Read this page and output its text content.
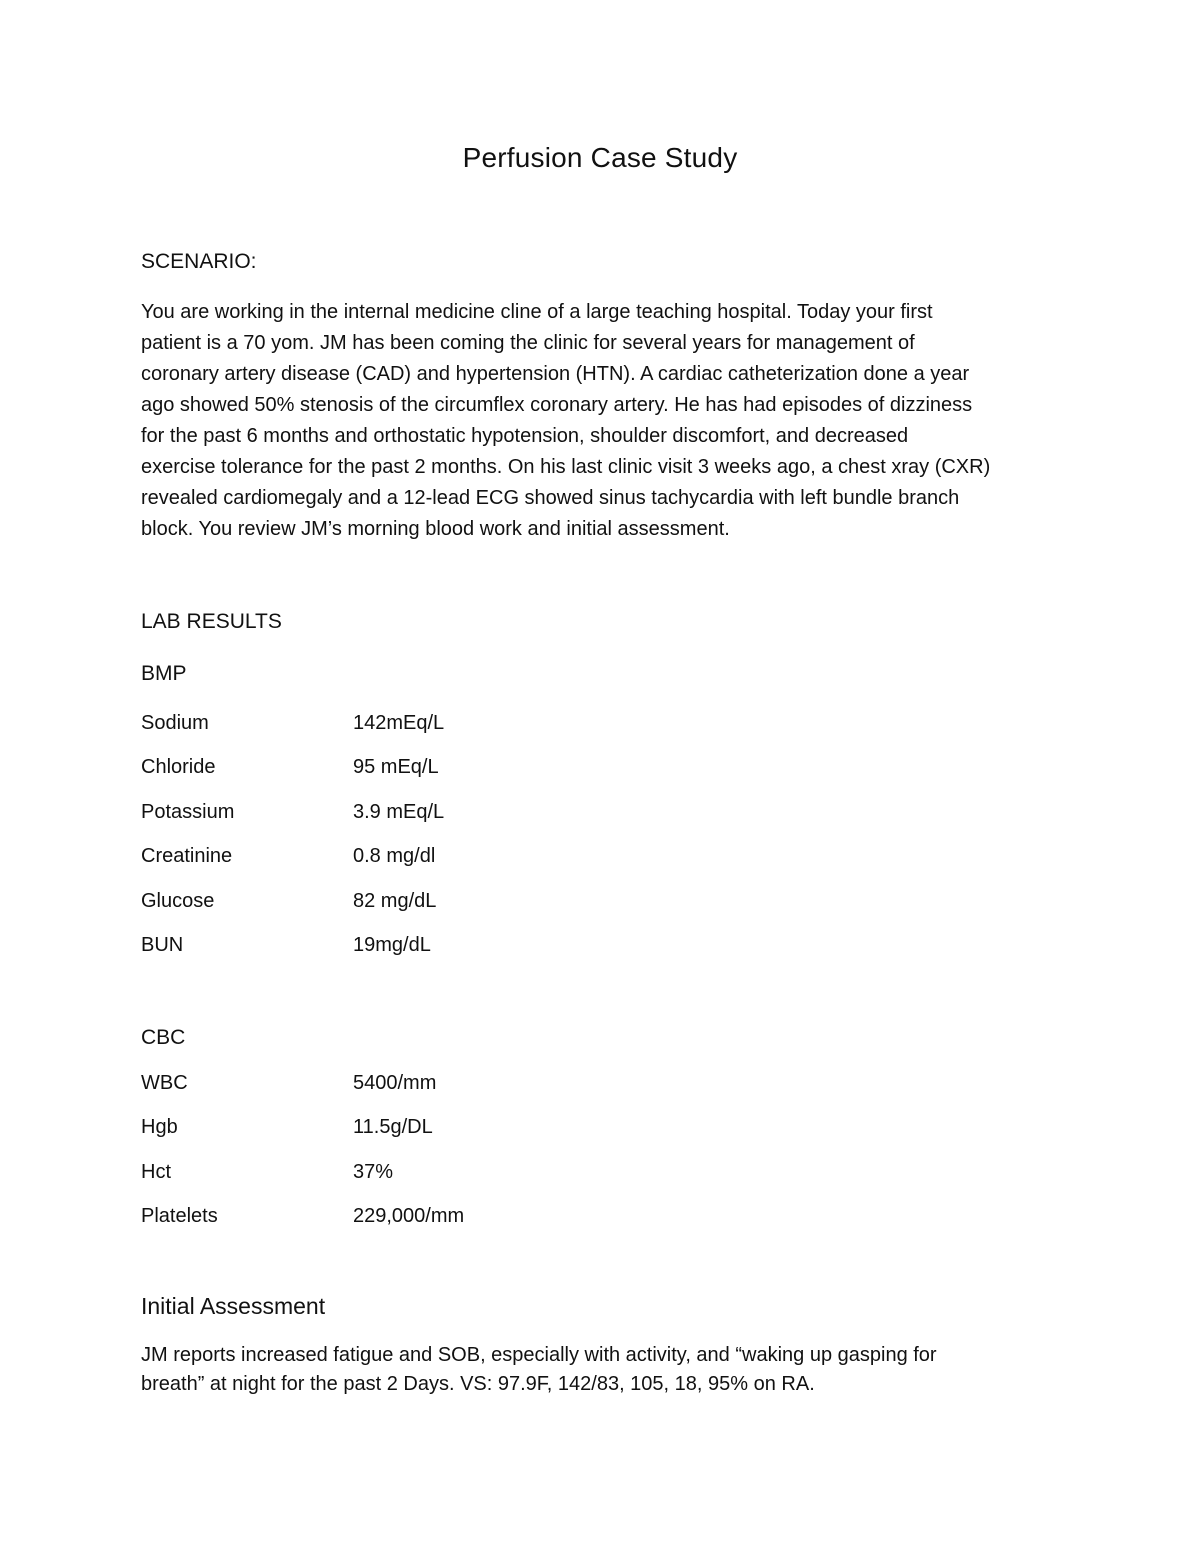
Perfusion Case Study
SCENARIO:
You are working in the internal medicine cline of a large teaching hospital. Today your first
patient is a 70 yom. JM has been coming the clinic for several years for management of
coronary artery disease (CAD) and hypertension (HTN). A cardiac catheterization done a year
ago showed 50% stenosis of the circumflex coronary artery. He has had episodes of dizziness
for the past 6 months and orthostatic hypotension, shoulder discomfort, and decreased
exercise tolerance for the past 2 months. On his last clinic visit 3 weeks ago, a chest xray (CXR)
revealed cardiomegaly and a 12-lead ECG showed sinus tachycardia with left bundle branch
block. You review JM’s morning blood work and initial assessment.
LAB RESULTS
BMP
Sodium	142mEq/L
Chloride	95 mEq/L
Potassium	3.9 mEq/L
Creatinine	0.8 mg/dl
Glucose	82 mg/dL
BUN	19mg/dL
CBC
WBC	5400/mm
Hgb	11.5g/DL
Hct	37%
Platelets	229,000/mm
Initial Assessment
JM reports increased fatigue and SOB, especially with activity, and “waking up gasping for
breath” at night for the past 2 Days. VS: 97.9F, 142/83, 105, 18, 95% on RA.
